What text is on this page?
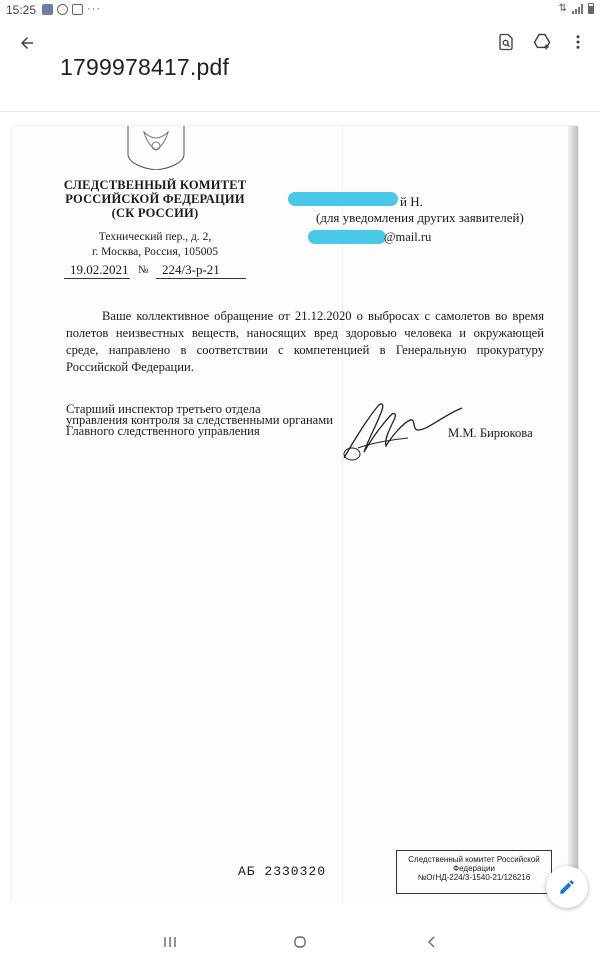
15:25	···	⇅
1799978417.pdf
СЛЕДСТВЕННЫЙ КОМИТЕТ
РОССИЙСКОЙ ФЕДЕРАЦИИ
(СК РОССИИ)
Технический пер., д. 2,
г. Москва, Россия, 105005
й Н.
(для уведомления других заявителей)
@mail.ru
19.02.2021 №	224/3-р-21
Ваше коллективное обращение от 21.12.2020 о выбросах с самолетов во время полетов неизвестных веществ, наносящих вред здоровью человека и окружающей среде, направлено в соответствии с компетенцией в Генеральную прокуратуру Российской Федерации.
Старший инспектор третьего отдела
управления контроля за следственными органами
Главного следственного управления	М.М. Бирюкова
АБ 2330320
Следственный комитет Российской
Федерации
№ОгНД-224/3-1540-21/126216
